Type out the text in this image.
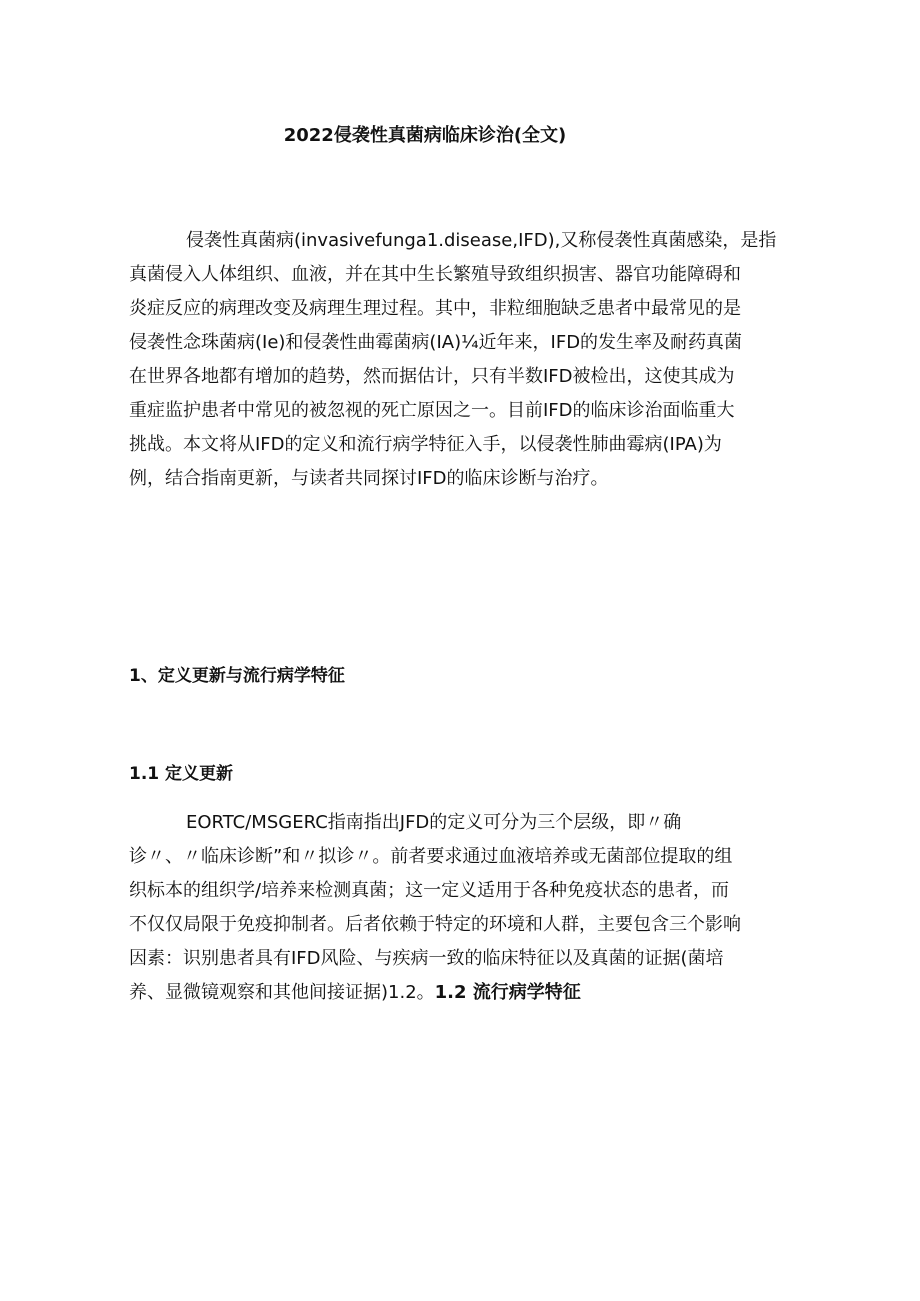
2022侵袭性真菌病临床诊治(全文)

侵袭性真菌病(invasivefunga1.disease,IFD),又称侵袭性真菌感染，是指
真菌侵入人体组织、血液，并在其中生长繁殖导致组织损害、器官功能障碍和
炎症反应的病理改变及病理生理过程。其中，非粒细胞缺乏患者中最常见的是
侵袭性念珠菌病(Ie)和侵袭性曲霉菌病(IA)¼近年来，IFD的发生率及耐药真菌
在世界各地都有增加的趋势，然而据估计，只有半数IFD被检出，这使其成为
重症监护患者中常见的被忽视的死亡原因之一。目前IFD的临床诊治面临重大
挑战。本文将从IFD的定义和流行病学特征入手，以侵袭性肺曲霉病(IPA)为
例，结合指南更新，与读者共同探讨IFD的临床诊断与治疗。

1、定义更新与流行病学特征
1.1 定义更新

EORTC/MSGERC指南指出JFD的定义可分为三个层级，即〃确
诊〃、〃临床诊断”和〃拟诊〃。前者要求通过血液培养或无菌部位提取的组
织标本的组织学/培养来检测真菌；这一定义适用于各种免疫状态的患者，而
不仅仅局限于免疫抑制者。后者依赖于特定的环境和人群，主要包含三个影响
因素：识别患者具有IFD风险、与疾病一致的临床特征以及真菌的证据(菌培
养、显微镜观察和其他间接证据)1.2。1.2 流行病学特征
